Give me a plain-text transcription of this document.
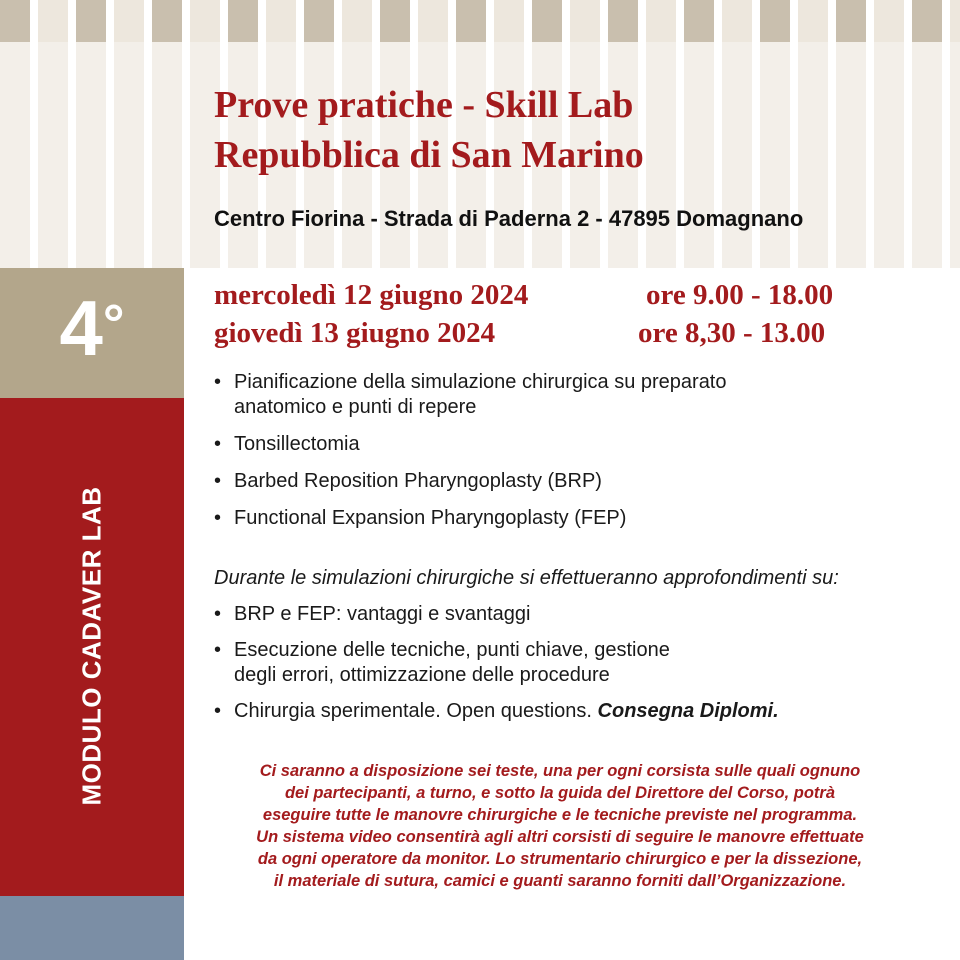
4°
MODULO CADAVER LAB
Prove pratiche - Skill Lab
Repubblica di San Marino
Centro Fiorina - Strada di Paderna 2 - 47895 Domagnano
mercoledì 12 giugno 2024	ore 9.00 - 18.00
giovedì 13 giugno 2024	ore 8,30 - 13.00
• Pianificazione della simulazione chirurgica su preparato
anatomico e punti di repere
• Tonsillectomia
• Barbed Reposition Pharyngoplasty (BRP)
• Functional Expansion Pharyngoplasty (FEP)
Durante le simulazioni chirurgiche si effettueranno approfondimenti su:
• BRP e FEP: vantaggi e svantaggi
• Esecuzione delle tecniche, punti chiave, gestione
degli errori, ottimizzazione delle procedure
• Chirurgia sperimentale. Open questions. Consegna Diplomi.
Ci saranno a disposizione sei teste, una per ogni corsista sulle quali ognuno
dei partecipanti, a turno, e sotto la guida del Direttore del Corso, potrà
eseguire tutte le manovre chirurgiche e le tecniche previste nel programma.
Un sistema video consentirà agli altri corsisti di seguire le manovre effettuate
da ogni operatore da monitor. Lo strumentario chirurgico e per la dissezione,
il materiale di sutura, camici e guanti saranno forniti dall’Organizzazione.
